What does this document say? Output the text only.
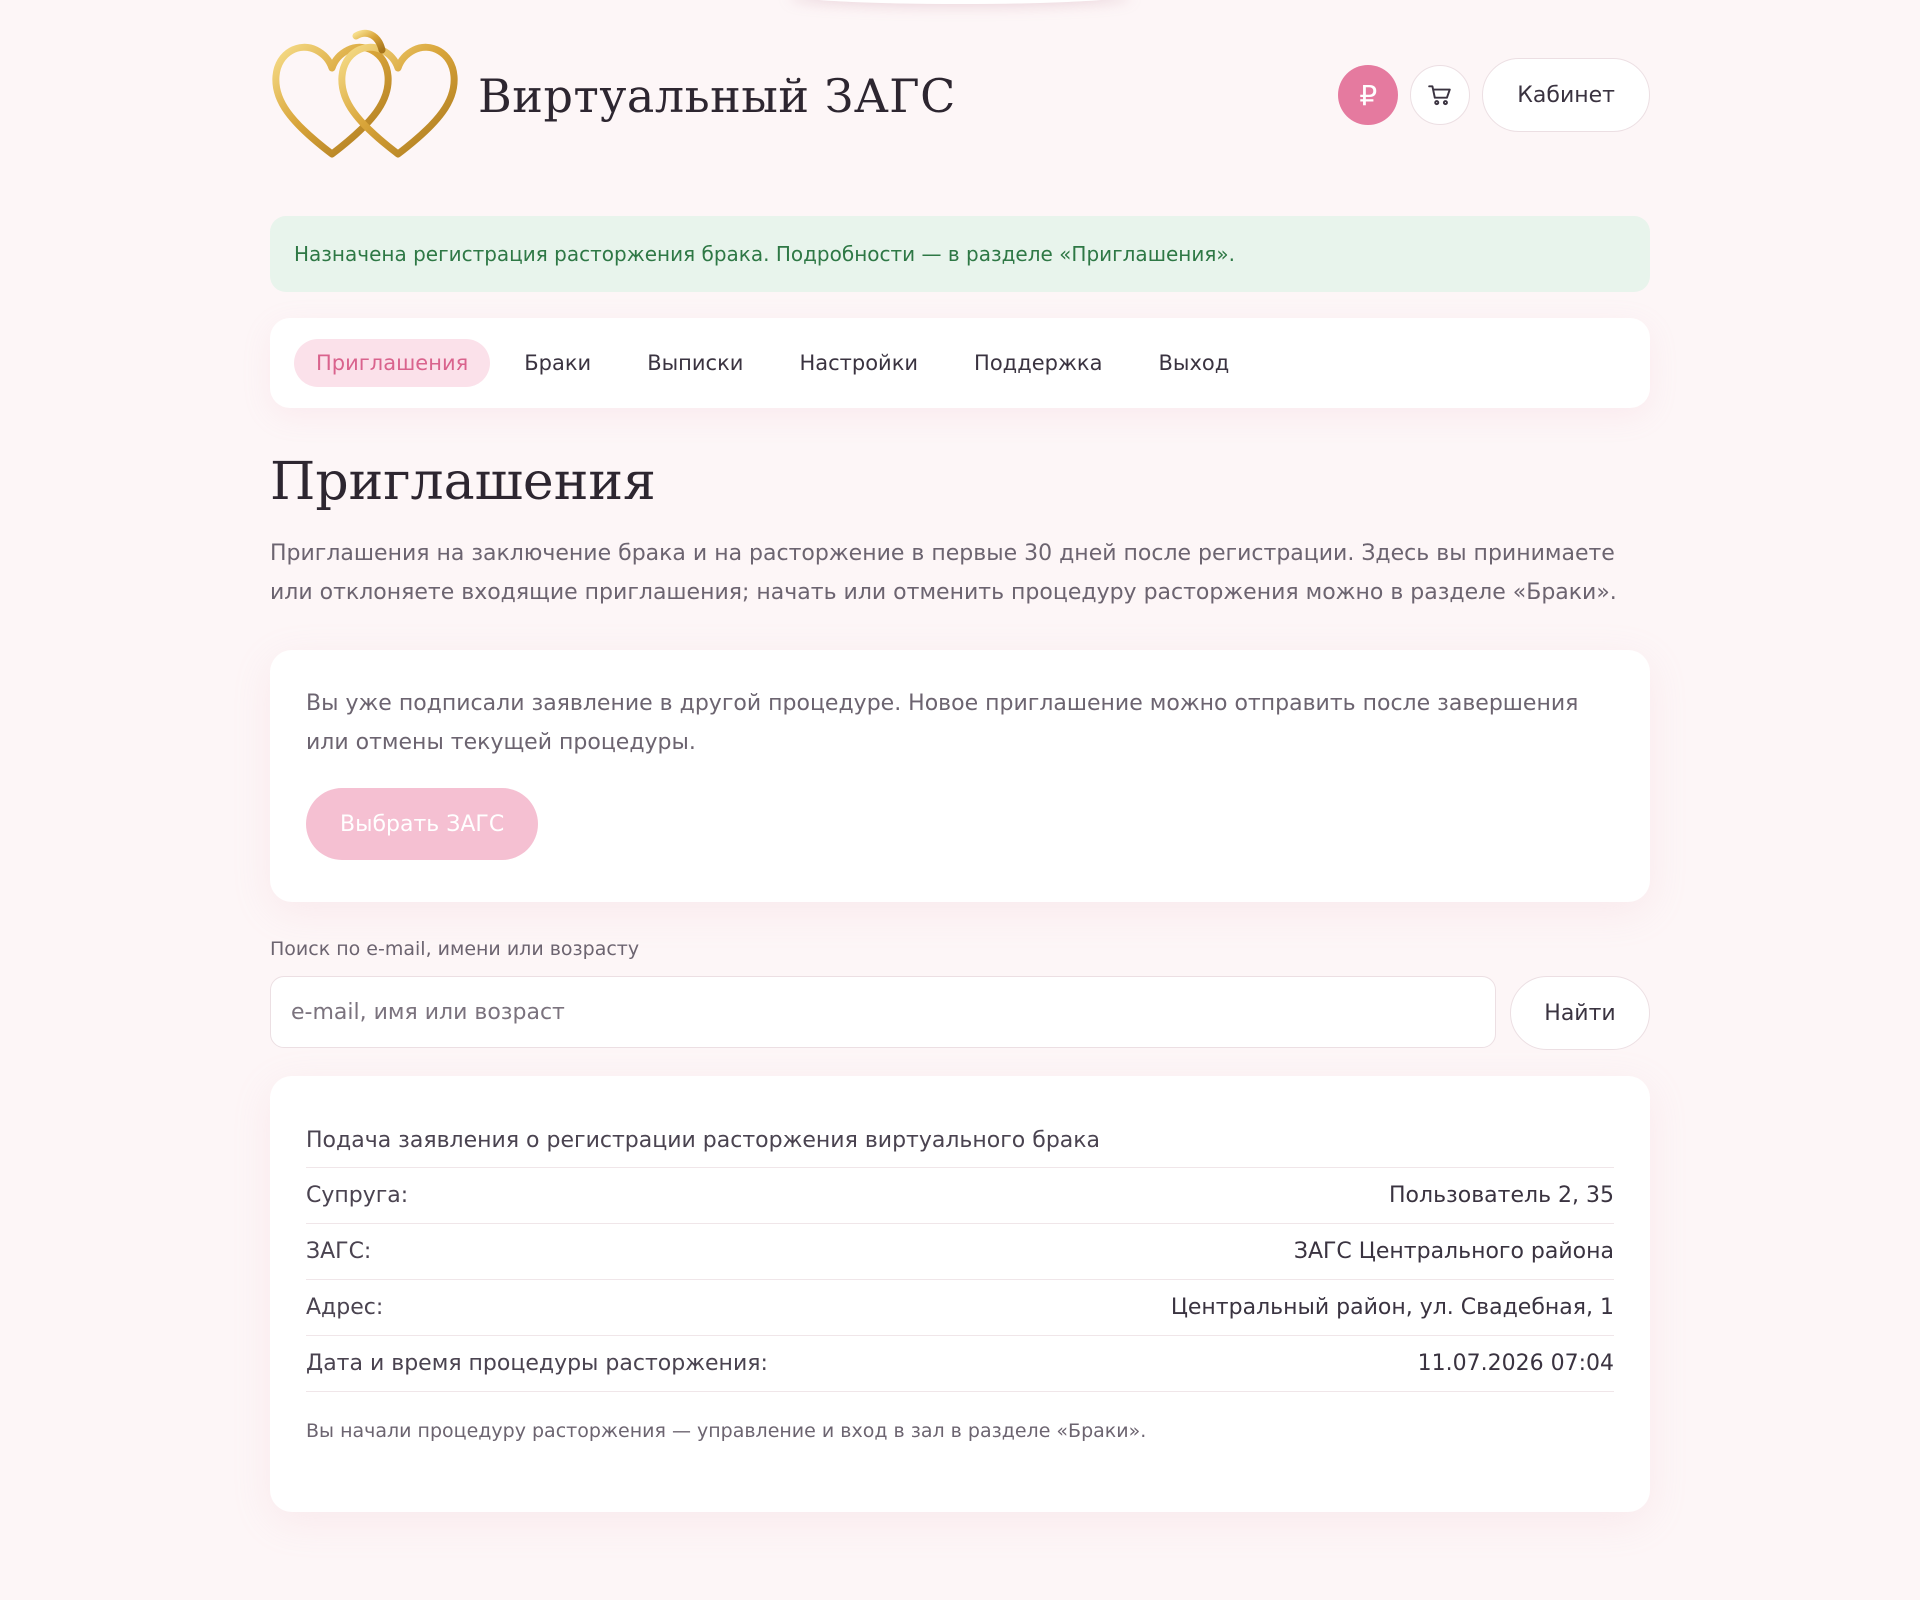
Виртуальный ЗАГС	₽	Кабинет
Назначена регистрация расторжения брака. Подробности — в разделе «Приглашения».
Приглашения	Браки	Выписки	Настройки	Поддержка	Выход
Приглашения

Приглашения на заключение брака и на расторжение в первые 30 дней после регистрации. Здесь вы принимаете или отклоняете входящие приглашения; начать или отменить процедуру расторжения можно в разделе «Браки».

Вы уже подписали заявление в другой процедуре. Новое приглашение можно отправить после завершения или отмены текущей процедуры.

Выбрать ЗАГС
Поиск по e-mail, имени или возрасту
e-mail, имя или возраст
Найти
Подача заявления о регистрации расторжения виртуального брака
Супруга:	Пользователь 2, 35
ЗАГС:	ЗАГС Центрального района
Адрес:	Центральный район, ул. Свадебная, 1
Дата и время процедуры расторжения:	11.07.2026 07:04

Вы начали процедуру расторжения — управление и вход в зал в разделе «Браки».
